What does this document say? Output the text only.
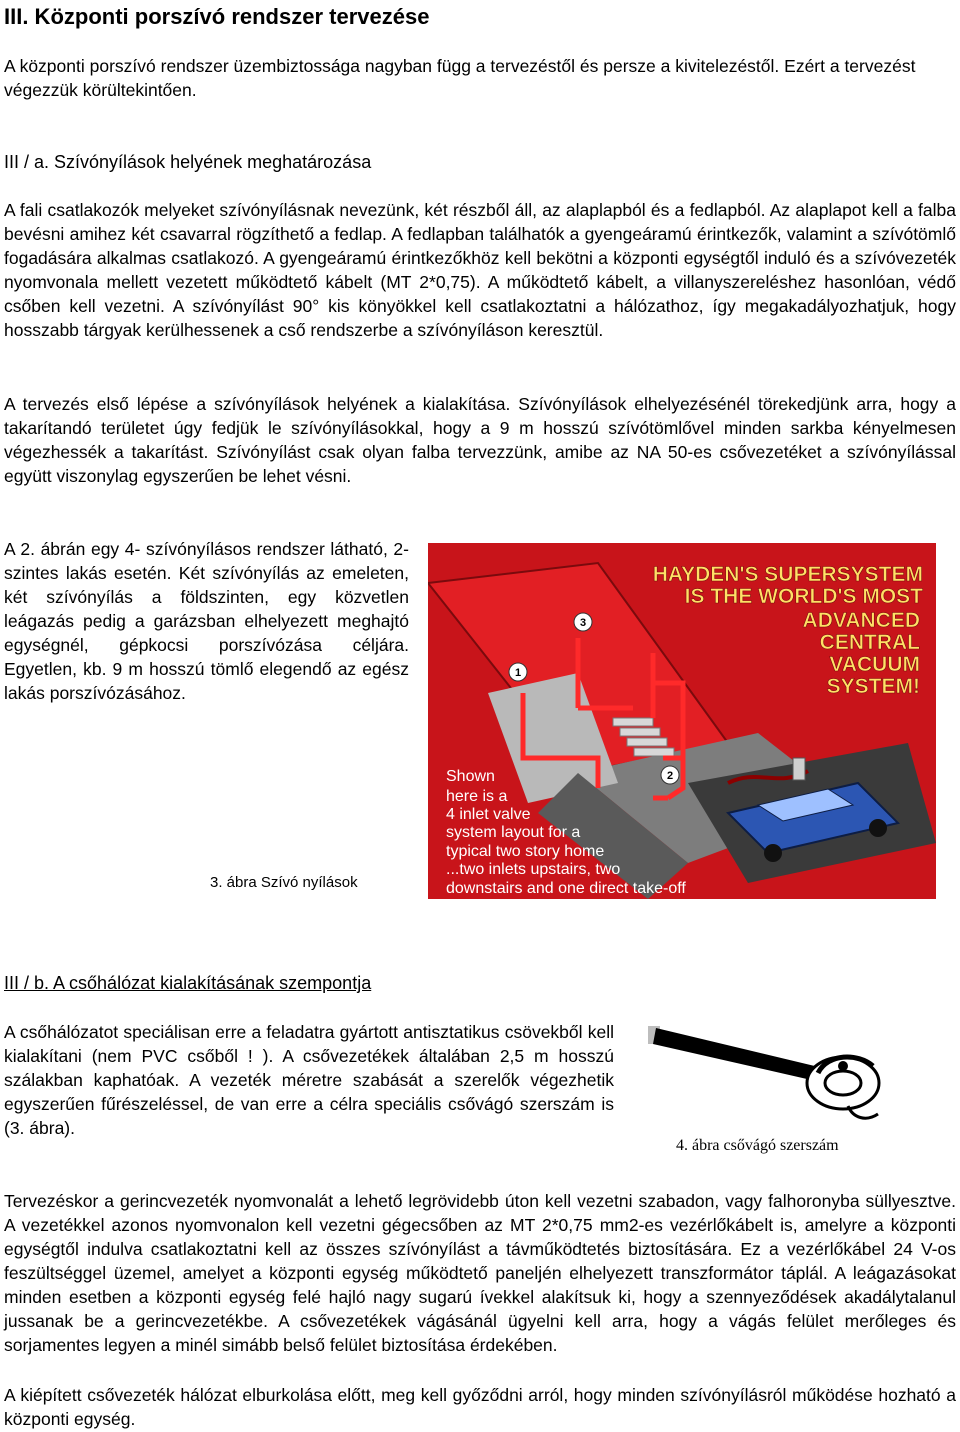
III. Központi porszívó rendszer tervezése

A központi porszívó rendszer üzembiztossága nagyban függ a tervezéstől és persze a kivitelezéstől. Ezért a tervezést végezzük körültekintően.

III / a. Szívónyílások helyének meghatározása

A fali csatlakozók melyeket szívónyílásnak nevezünk, két részből áll, az alaplapból és a fedlapból. Az alaplapot kell a falba bevésni amihez két csavarral rögzíthető a fedlap. A fedlapban találhatók a gyengeáramú érintkezők, valamint a szívótömlő fogadására alkalmas csatlakozó. A gyengeáramú érintkezőkhöz kell bekötni a központi egységtől induló és a szívóvezeték nyomvonala mellett vezetett működtető kábelt (MT 2*0,75). A működtető kábelt, a villanyszereléshez hasonlóan, védő csőben kell vezetni. A szívónyílást 90° kis könyökkel kell csatlakoztatni a hálózathoz, így megakadályozhatjuk, hogy hosszabb tárgyak kerülhessenek a cső rendszerbe a szívónyíláson keresztül.

A tervezés első lépése a szívónyílások helyének a kialakítása. Szívónyílások elhelyezésénél törekedjünk arra, hogy a takarítandó területet úgy fedjük le szívónyílásokkal, hogy a 9 m hosszú szívótömlővel minden sarkba kényelmesen végezhessék a takarítást. Szívónyílást csak olyan falba tervezzünk, amibe az NA 50-es csővezetéket a szívónyílással együtt viszonylag egyszerűen be lehet vésni.

A 2. ábrán egy 4- szívónyílásos rendszer látható, 2- szintes lakás esetén. Két szívónyílás az emeleten, két szívónyílás a földszinten, egy közvetlen leágazás pedig a garázsban elhelyezett meghajtó egységnél, gépkocsi porszívózása céljára. Egyetlen, kb. 9 m hosszú tömlő elegendő az egész lakás porszívózásához.

3. ábra Szívó nyílások

3
1
2
HAYDEN'S SUPERSYSTEM
IS THE WORLD'S MOST
ADVANCED
CENTRAL
VACUUM
SYSTEM!
Shown
here is a
4 inlet valve
system layout for a
typical two story home
...two inlets upstairs, two
downstairs and one direct take-off

III / b. A csőhálózat kialakításának szempontja

A csőhálózatot speciálisan erre a feladatra gyártott antisztatikus csövekből kell kialakítani (nem PVC csőből ! ). A csővezetékek általában 2,5 m hosszú szálakban kaphatóak. A vezeték méretre szabását a szerelők végezhetik egyszerűen fűrészeléssel, de van erre a célra speciális csővágó szerszám is (3. ábra).

4. ábra csővágó szerszám

Tervezéskor a gerincvezeték nyomvonalát a lehető legrövidebb úton kell vezetni szabadon, vagy falhoronyba süllyesztve. A vezetékkel azonos nyomvonalon kell vezetni gégecsőben az MT 2*0,75 mm2-es vezérlőkábelt is, amelyre a központi egységtől indulva csatlakoztatni kell az összes szívónyílást a távműködtetés biztosítására. Ez a vezérlőkábel 24 V-os feszültséggel üzemel, amelyet a központi egység működtető paneljén elhelyezett transzformátor táplál. A leágazásokat minden esetben a központi egység felé hajló nagy sugarú ívekkel alakítsuk ki, hogy a szennyeződések akadálytalanul jussanak be a gerincvezetékbe. A csővezetékek vágásánál ügyelni kell arra, hogy a vágás felület merőleges és sorjamentes legyen a minél simább belső felület biztosítása érdekében.

A kiépített csővezeték hálózat elburkolása előtt, meg kell győződni arról, hogy minden szívónyílásról működése hozható a központi egység.
